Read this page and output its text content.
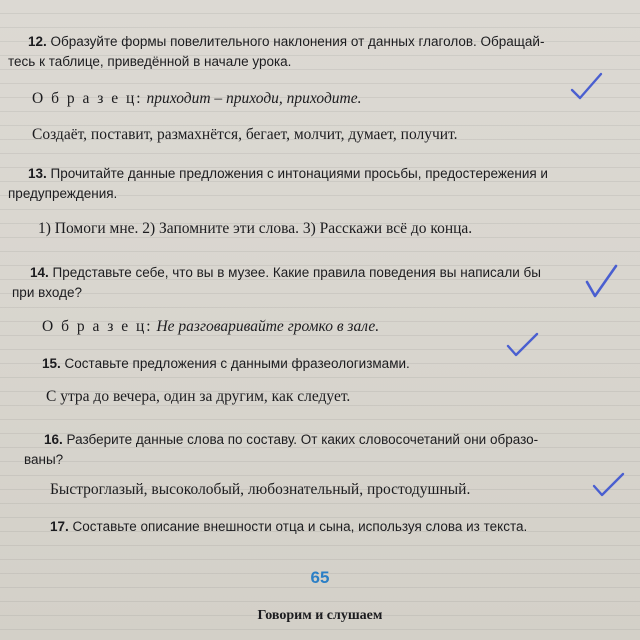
12. Образуйте формы повелительного наклонения от данных глаголов. Обращай-
тесь к таблице, приведённой в начале урока.
О б р а з е ц: приходит – приходи, приходите.
Создаёт, поставит, размахнётся, бегает, молчит, думает, получит.
13. Прочитайте данные предложения с интонациями просьбы, предостережения и
предупреждения.
1) Помоги мне. 2) Запомните эти слова. 3) Расскажи всё до конца.
14. Представьте себе, что вы в музее. Какие правила поведения вы написали бы
при входе?
О б р а з е ц: Не разговаривайте громко в зале.
15. Составьте предложения с данными фразеологизмами.
С утра до вечера, один за другим, как следует.
16. Разберите данные слова по составу. От каких словосочетаний они образо-
ваны?
Быстроглазый, высоколобый, любознательный, простодушный.
17. Составьте описание внешности отца и сына, используя слова из текста.
65
Говорим и слушаем
